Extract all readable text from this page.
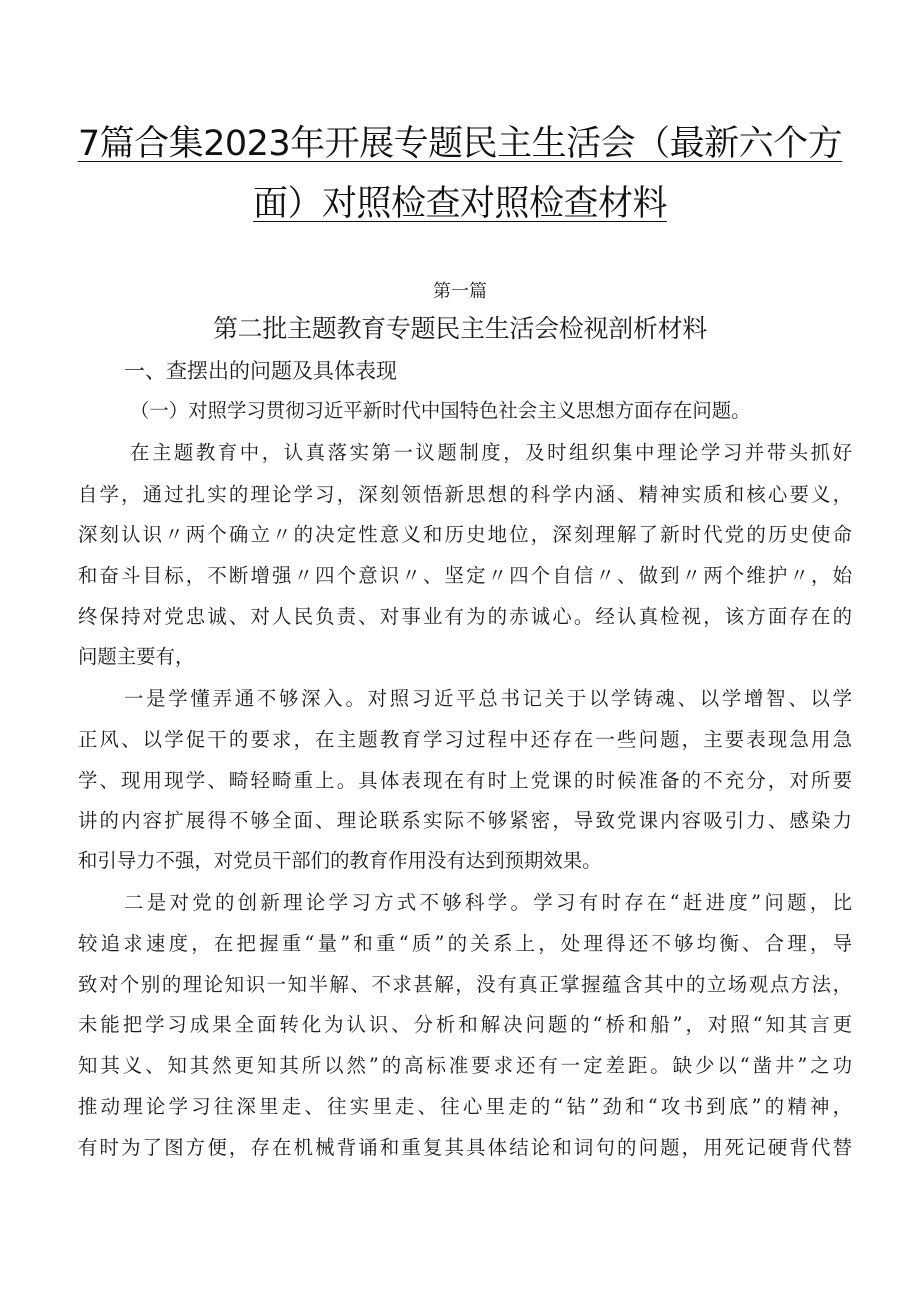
7篇合集2023年开展专题民主生活会（最新六个方
面）对照检查对照检查材料
第一篇
第二批主题教育专题民主生活会检视剖析材料
一、查摆出的问题及具体表现
（一）对照学习贯彻习近平新时代中国特色社会主义思想方面存在问题。
在主题教育中，认真落实第一议题制度，及时组织集中理论学习并带头抓好
自学，通过扎实的理论学习，深刻领悟新思想的科学内涵、精神实质和核心要义，
深刻认识〃两个确立〃的决定性意义和历史地位，深刻理解了新时代党的历史使命
和奋斗目标，不断增强〃四个意识〃、坚定〃四个自信〃、做到〃两个维护〃，始
终保持对党忠诚、对人民负责、对事业有为的赤诚心。经认真检视，该方面存在的
问题主要有，
一是学懂弄通不够深入。对照习近平总书记关于以学铸魂、以学增智、以学
正风、以学促干的要求，在主题教育学习过程中还存在一些问题，主要表现急用急
学、现用现学、畸轻畸重上。具体表现在有时上党课的时候准备的不充分，对所要
讲的内容扩展得不够全面、理论联系实际不够紧密，导致党课内容吸引力、感染力
和引导力不强，对党员干部们的教育作用没有达到预期效果。
二是对党的创新理论学习方式不够科学。学习有时存在“赶进度”问题，比
较追求速度，在把握重“量”和重“质”的关系上，处理得还不够均衡、合理，导
致对个别的理论知识一知半解、不求甚解，没有真正掌握蕴含其中的立场观点方法，
未能把学习成果全面转化为认识、分析和解决问题的“桥和船”，对照“知其言更
知其义、知其然更知其所以然”的高标准要求还有一定差距。缺少以“凿井”之功
推动理论学习往深里走、往实里走、往心里走的“钻”劲和“攻书到底”的精神，
有时为了图方便，存在机械背诵和重复其具体结论和词句的问题，用死记硬背代替
